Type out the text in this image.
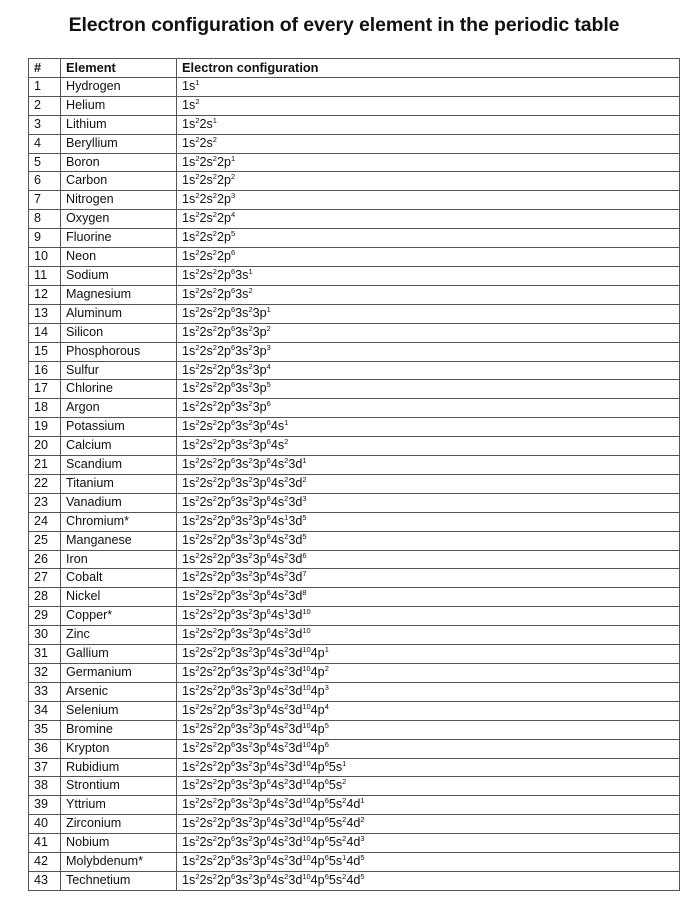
Electron configuration of every element in the periodic table
#	Element	Electron configuration
1	Hydrogen	$1s^1$
2	Helium	$1s^2$
3	Lithium	$1s^22s^1$
4	Beryllium	$1s^22s^2$
5	Boron	$1s^22s^22p^1$
6	Carbon	$1s^22s^22p^2$
7	Nitrogen	$1s^22s^22p^3$
8	Oxygen	$1s^22s^22p^4$
9	Fluorine	$1s^22s^22p^5$
10	Neon	$1s^22s^22p^6$
11	Sodium	$1s^22s^22p^63s^1$
12	Magnesium	$1s^22s^22p^63s^2$
13	Aluminum	$1s^22s^22p^63s^23p^1$
14	Silicon	$1s^22s^22p^63s^23p^2$
15	Phosphorous	$1s^22s^22p^63s^23p^3$
16	Sulfur	$1s^22s^22p^63s^23p^4$
17	Chlorine	$1s^22s^22p^63s^23p^5$
18	Argon	$1s^22s^22p^63s^23p^6$
19	Potassium	$1s^22s^22p^63s^23p^64s^1$
20	Calcium	$1s^22s^22p^63s^23p^64s^2$
21	Scandium	$1s^22s^22p^63s^23p^64s^23d^1$
22	Titanium	$1s^22s^22p^63s^23p^64s^23d^2$
23	Vanadium	$1s^22s^22p^63s^23p^64s^23d^3$
24	Chromium*	$1s^22s^22p^63s^23p^64s^13d^5$
25	Manganese	$1s^22s^22p^63s^23p^64s^23d^5$
26	Iron	$1s^22s^22p^63s^23p^64s^23d^6$
27	Cobalt	$1s^22s^22p^63s^23p^64s^23d^7$
28	Nickel	$1s^22s^22p^63s^23p^64s^23d^8$
29	Copper*	$1s^22s^22p^63s^23p^64s^13d^{10}$
30	Zinc	$1s^22s^22p^63s^23p^64s^23d^{10}$
31	Gallium	$1s^22s^22p^63s^23p^64s^23d^{10}4p^1$
32	Germanium	$1s^22s^22p^63s^23p^64s^23d^{10}4p^2$
33	Arsenic	$1s^22s^22p^63s^23p^64s^23d^{10}4p^3$
34	Selenium	$1s^22s^22p^63s^23p^64s^23d^{10}4p^4$
35	Bromine	$1s^22s^22p^63s^23p^64s^23d^{10}4p^5$
36	Krypton	$1s^22s^22p^63s^23p^64s^23d^{10}4p^6$
37	Rubidium	$1s^22s^22p^63s^23p^64s^23d^{10}4p^65s^1$
38	Strontium	$1s^22s^22p^63s^23p^64s^23d^{10}4p^65s^2$
39	Yttrium	$1s^22s^22p^63s^23p^64s^23d^{10}4p^65s^24d^1$
40	Zirconium	$1s^22s^22p^63s^23p^64s^23d^{10}4p^65s^24d^2$
41	Nobium	$1s^22s^22p^63s^23p^64s^23d^{10}4p^65s^24d^3$
42	Molybdenum*	$1s^22s^22p^63s^23p^64s^23d^{10}4p^65s^14d^5$
43	Technetium	$1s^22s^22p^63s^23p^64s^23d^{10}4p^65s^24d^5$
